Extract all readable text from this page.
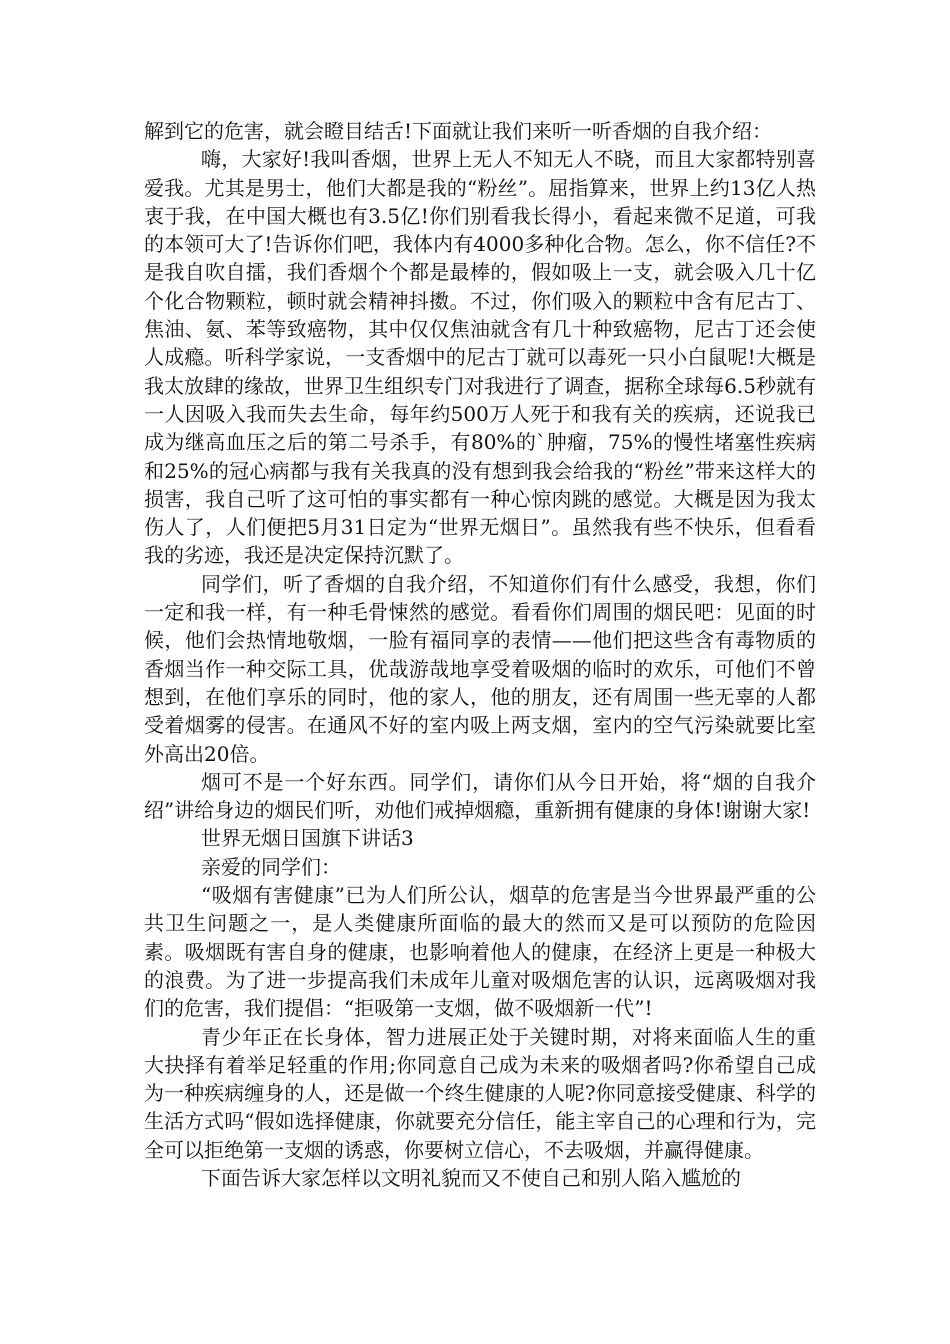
解到它的危害，就会瞪目结舌!下面就让我们来听一听香烟的自我介绍：

嗨，大家好!我叫香烟，世界上无人不知无人不晓，而且大家都特别喜爱我。尤其是男士，他们大都是我的“粉丝”。屈指算来，世界上约13亿人热衷于我，在中国大概也有3.5亿!你们别看我长得小，看起来微不足道，可我的本领可大了!告诉你们吧，我体内有4000多种化合物。怎么，你不信任?不是我自吹自擂，我们香烟个个都是最棒的，假如吸上一支，就会吸入几十亿个化合物颗粒，顿时就会精神抖擞。不过，你们吸入的颗粒中含有尼古丁、焦油、氨、苯等致癌物，其中仅仅焦油就含有几十种致癌物，尼古丁还会使人成瘾。听科学家说，一支香烟中的尼古丁就可以毒死一只小白鼠呢!大概是我太放肆的缘故，世界卫生组织专门对我进行了调查，据称全球每6.5秒就有一人因吸入我而失去生命，每年约500万人死于和我有关的疾病，还说我已成为继高血压之后的第二号杀手，有80%的`肿瘤，75%的慢性堵塞性疾病和25%的冠心病都与我有关我真的没有想到我会给我的“粉丝”带来这样大的损害，我自己听了这可怕的事实都有一种心惊肉跳的感觉。大概是因为我太伤人了，人们便把5月31日定为“世界无烟日”。虽然我有些不快乐，但看看我的劣迹，我还是决定保持沉默了。

同学们，听了香烟的自我介绍，不知道你们有什么感受，我想，你们一定和我一样，有一种毛骨悚然的感觉。看看你们周围的烟民吧：见面的时候，他们会热情地敬烟，一脸有福同享的表情——他们把这些含有毒物质的香烟当作一种交际工具，优哉游哉地享受着吸烟的临时的欢乐，可他们不曾想到，在他们享乐的同时，他的家人，他的朋友，还有周围一些无辜的人都受着烟雾的侵害。在通风不好的室内吸上两支烟，室内的空气污染就要比室外高出20倍。

烟可不是一个好东西。同学们，请你们从今日开始，将“烟的自我介绍”讲给身边的烟民们听，劝他们戒掉烟瘾，重新拥有健康的身体!谢谢大家!

世界无烟日国旗下讲话3

亲爱的同学们：

“吸烟有害健康”已为人们所公认，烟草的危害是当今世界最严重的公共卫生问题之一，是人类健康所面临的最大的然而又是可以预防的危险因素。吸烟既有害自身的健康，也影响着他人的健康，在经济上更是一种极大的浪费。为了进一步提高我们未成年儿童对吸烟危害的认识，远离吸烟对我们的危害，我们提倡：“拒吸第一支烟，做不吸烟新一代”!

青少年正在长身体，智力进展正处于关键时期，对将来面临人生的重大抉择有着举足轻重的作用;你同意自己成为未来的吸烟者吗?你希望自己成为一种疾病缠身的人，还是做一个终生健康的人呢?你同意接受健康、科学的生活方式吗“假如选择健康，你就要充分信任，能主宰自己的心理和行为，完全可以拒绝第一支烟的诱惑，你要树立信心，不去吸烟，并赢得健康。

下面告诉大家怎样以文明礼貌而又不使自己和别人陷入尴尬的
